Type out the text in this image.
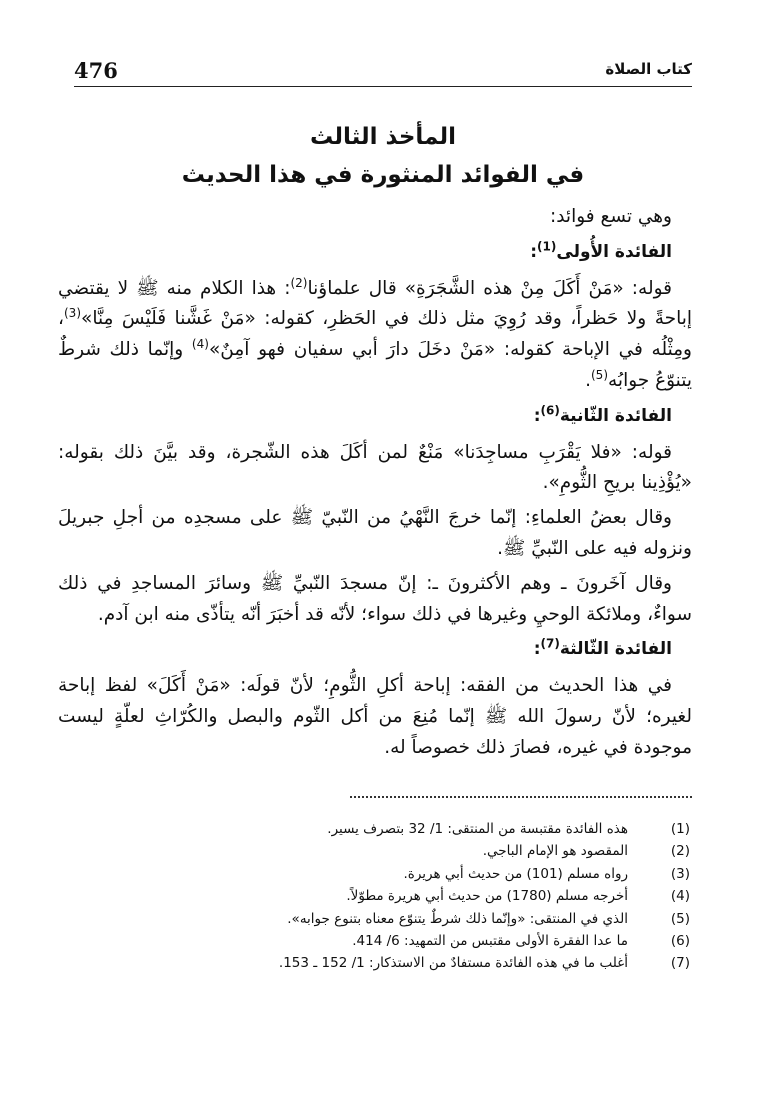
476	كتاب الصلاة
المأخذ الثالث
في الفوائد المنثورة في هذا الحديث

وهي تسع فوائد:

الفائدة الأُولى$^{(1)}$:

قوله: «مَنْ أَكَلَ مِنْ هذه الشَّجَرَةِ» قال علماؤنا$^{(2)}$: هذا الكلام منه ﷺ لا يقتضي إباحةً ولا حَظراً، وقد رُوِيَ مثل ذلك في الحَظرِ، كقوله: «مَنْ غَشَّنا فَلَيْسَ مِنَّا»$^{(3)}$، ومِثْلُه في الإباحة كقوله: «مَنْ دخَلَ دارَ أبي سفيان فهو آمِنٌ»$^{(4)}$ وإنّما ذلك شرطٌ يتنوّعُ جوابُه$^{(5)}$.

الفائدة الثّانية$^{(6)}$:

قوله: «فلا يَقْرَبِ مساجِدَنا» مَنْعٌ لمن أكَلَ هذه الشّجرة، وقد بيَّنَ ذلك بقوله: «يُؤْذِينا بريحِ الثُّومِ».

وقال بعضُ العلماءِ: إنّما خرجَ النَّهْيُ من النّبيّ ﷺ على مسجدِه من أجلِ جبريلَ ونزوله فيه على النّبيِّ ﷺ.

وقال آخَرونَ ـ وهم الأكثرونَ ـ: إنّ مسجدَ النّبيِّ ﷺ وسائرَ المساجدِ في ذلك سواءٌ، وملائكة الوحيِ وغيرها في ذلك سواء؛ لأنّه قد أخبَرَ أنّه يتأذّى منه ابن آدم.

الفائدة الثّالثة$^{(7)}$:

في هذا الحديث من الفقه: إباحة أكلِ الثُّومِ؛ لأنّ قولَه: «مَنْ أَكَلَ» لفظ إباحة لغيره؛ لأنّ رسولَ الله ﷺ إنّما مُنِعَ من أكل الثّوم والبصل والكُرّاثِ لعلّةٍ ليست موجودة في غيره، فصارَ ذلك خصوصاً له.

(1)
هذه الفائدة مقتبسة من المنتقى: 1/ 32 بتصرف يسير.
(2)
المقصود هو الإمام الباجي.
(3)
رواه مسلم (101) من حديث أبي هريرة.
(4)
أخرجه مسلم (1780) من حديث أبي هريرة مطوّلاً.
(5)
الذي في المنتقى: «وإنّما ذلك شرطٌ يتنوّع معناه بتنوع جوابه».
(6)
ما عدا الفقرة الأولى مقتبس من التمهيد: 6/ 414.
(7)
أغلب ما في هذه الفائدة مستفادٌ من الاستذكار: 1/ 152 ـ 153.
